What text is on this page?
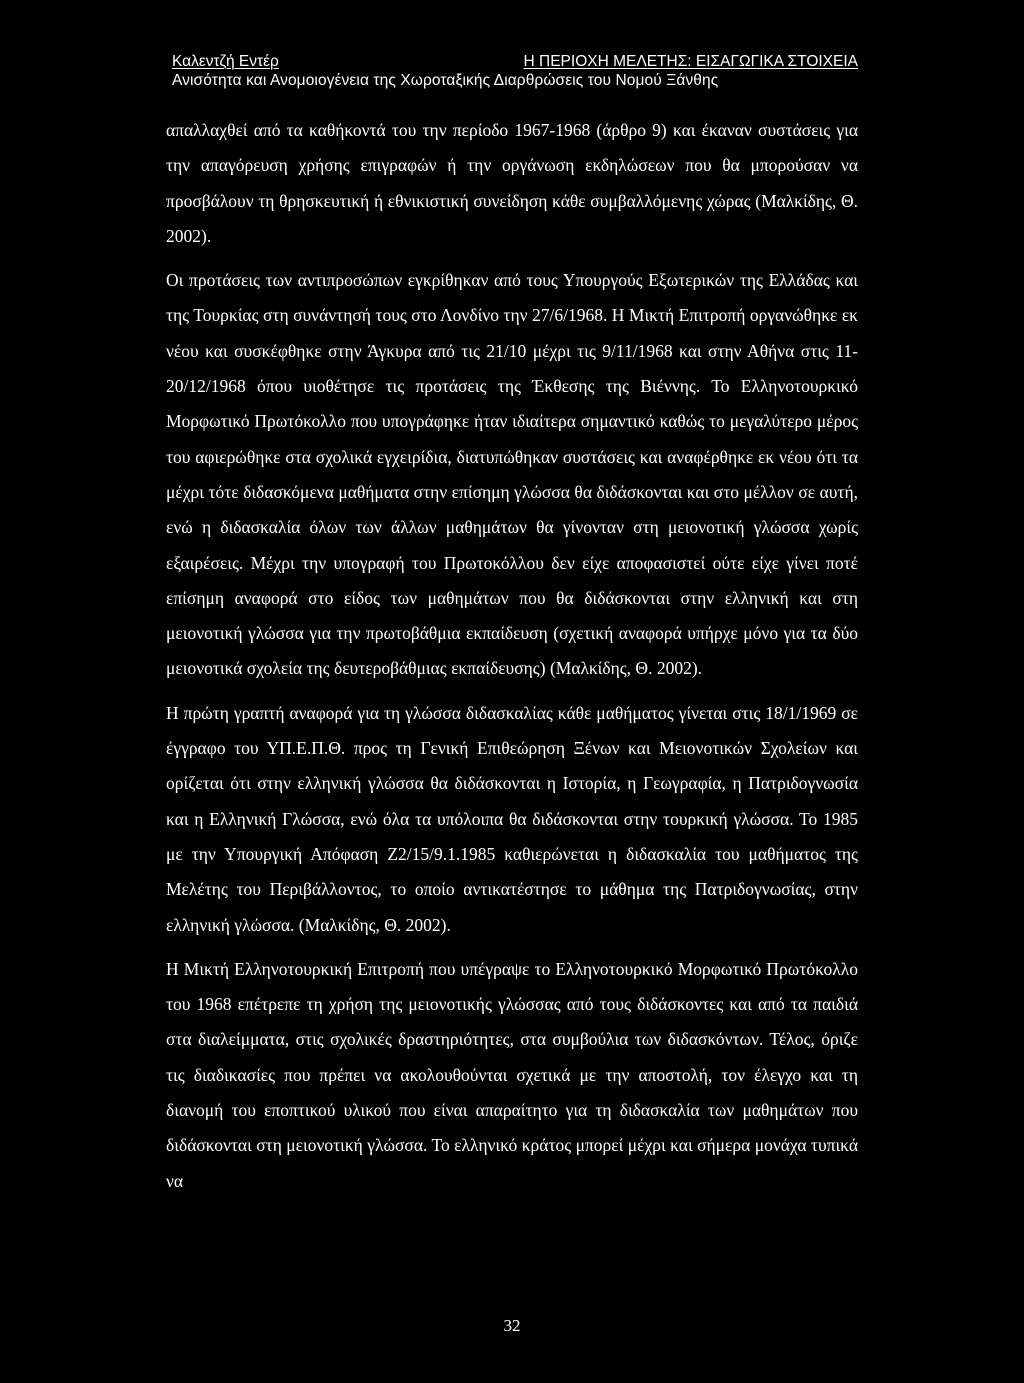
Καλεντζή Εντέρ	Η ΠΕΡΙΟΧΗ ΜΕΛΕΤΗΣ: ΕΙΣΑΓΩΓΙΚΑ ΣΤΟΙΧΕΙΑ
Ανισότητα και Ανομοιογένεια της Χωροταξικής Διαρθρώσεις του Νομού Ξάνθης

απαλλαχθεί από τα καθήκοντά του την περίοδο 1967-1968 (άρθρο 9) και έκαναν συστάσεις για την απαγόρευση χρήσης επιγραφών ή την οργάνωση εκδηλώσεων που θα μπορούσαν να προσβάλουν τη θρησκευτική ή εθνικιστική συνείδηση κάθε συμβαλλόμενης χώρας (Μαλκίδης, Θ. 2002).

Οι προτάσεις των αντιπροσώπων εγκρίθηκαν από τους Υπουργούς Εξωτερικών της Ελλάδας και της Τουρκίας στη συνάντησή τους στο Λονδίνο την 27/6/1968. Η Μικτή Επιτροπή οργανώθηκε εκ νέου και συσκέφθηκε στην Άγκυρα από τις 21/10 μέχρι τις 9/11/1968 και στην Αθήνα στις 11-20/12/1968 όπου υιοθέτησε τις προτάσεις της Έκθεσης της Βιέννης. Το Ελληνοτουρκικό Μορφωτικό Πρωτόκολλο που υπογράφηκε ήταν ιδιαίτερα σημαντικό καθώς το μεγαλύτερο μέρος του αφιερώθηκε στα σχολικά εγχειρίδια, διατυπώθηκαν συστάσεις και αναφέρθηκε εκ νέου ότι τα μέχρι τότε διδασκόμενα μαθήματα στην επίσημη γλώσσα θα διδάσκονται και στο μέλλον σε αυτή, ενώ η διδασκαλία όλων των άλλων μαθημάτων θα γίνονταν στη μειονοτική γλώσσα χωρίς εξαιρέσεις. Μέχρι την υπογραφή του Πρωτοκόλλου δεν είχε αποφασιστεί ούτε είχε γίνει ποτέ επίσημη αναφορά στο είδος των μαθημάτων που θα διδάσκονται στην ελληνική και στη μειονοτική γλώσσα για την πρωτοβάθμια εκπαίδευση (σχετική αναφορά υπήρχε μόνο για τα δύο μειονοτικά σχολεία της δευτεροβάθμιας εκπαίδευσης) (Μαλκίδης, Θ. 2002).

Η πρώτη γραπτή αναφορά για τη γλώσσα διδασκαλίας κάθε μαθήματος γίνεται στις 18/1/1969 σε έγγραφο του ΥΠ.Ε.Π.Θ. προς τη Γενική Επιθεώρηση Ξένων και Μειονοτικών Σχολείων και ορίζεται ότι στην ελληνική γλώσσα θα διδάσκονται η Ιστορία, η Γεωγραφία, η Πατριδογνωσία και η Ελληνική Γλώσσα, ενώ όλα τα υπόλοιπα θα διδάσκονται στην τουρκική γλώσσα. Το 1985 με την Υπουργική Απόφαση Ζ2/15/9.1.1985 καθιερώνεται η διδασκαλία του μαθήματος της Μελέτης του Περιβάλλοντος, το οποίο αντικατέστησε το μάθημα της Πατριδογνωσίας, στην ελληνική γλώσσα. (Μαλκίδης, Θ. 2002).

Η Μικτή Ελληνοτουρκική Επιτροπή που υπέγραψε το Ελληνοτουρκικό Μορφωτικό Πρωτόκολλο του 1968 επέτρεπε τη χρήση της μειονοτικής γλώσσας από τους διδάσκοντες και από τα παιδιά στα διαλείμματα, στις σχολικές δραστηριότητες, στα συμβούλια των διδασκόντων. Τέλος, όριζε τις διαδικασίες που πρέπει να ακολουθούνται σχετικά με την αποστολή, τον έλεγχο και τη διανομή του εποπτικού υλικού που είναι απαραίτητο για τη διδασκαλία των μαθημάτων που διδάσκονται στη μειονοτική γλώσσα. Το ελληνικό κράτος μπορεί μέχρι και σήμερα μονάχα τυπικά να

32
